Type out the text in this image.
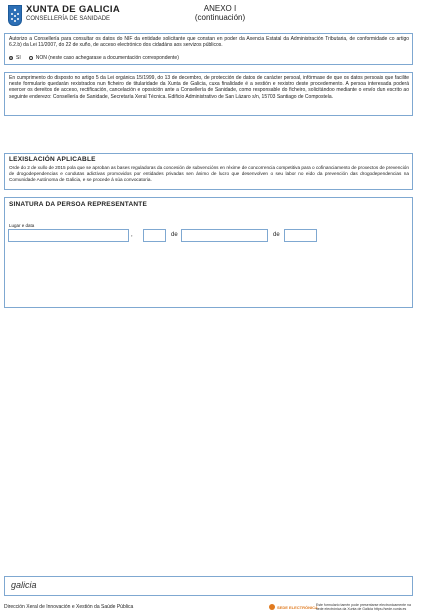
XUNTA DE GALICIA
CONSELLERÍA DE SANIDADE
ANEXO I
(continuación)
Autorizo a Consellería para consultar os datos do NIF da entidade solicitante que constan en poder da Axencia Estatal da Administración Tributaria, de conformidade co artigo 6.2.b) da Lei 11/2007, do 22 de xuño, de acceso electrónico dos cidadáns aos servizos públicos.
SI	NON (neste caso achegarase a documentación correspondente)
En cumprimento do disposto no artigo 5 da Lei orgánica 15/1999, do 13 de decembro, de protección de datos de carácter persoal, infórmase de que os datos persoais que facilite neste formulario quedarán rexistrados nun ficheiro de titularidade da Xunta de Galicia, cuxa finalidade é a xestión e rexistro deste procedemento. A persoa interesada poderá exercer os dereitos de acceso, rectificación, cancelación e oposición ante a Consellería de Sanidade, como responsable do ficheiro, solicitándoo mediante o envío dun escrito ao seguinte enderezo: Consellería de Sanidade, Secretaría Xeral Técnica. Edificio Administrativo de San Lázaro s/n, 15703 Santiago de Compostela.
LEXISLACIÓN APLICABLE
Orde do 2 de xullo de 2015 pola que se aproban as bases reguladoras da concesión de subvencións en réxime de concorrencia competitiva para o cofinanciamento de proxectos de prevención de drogodependencias e condutas adictivas promovidos por entidades privadas sen ánimo de lucro que desenvolven o seu labor no eido da prevención das drogodependencias na Comunidade Autónoma de Galicia, e se procede á súa convocatoria.
SINATURA DA PERSOA REPRESENTANTE
Lugar e data
,	de	de
galicia
Dirección Xeral de Innovación e Xestión da Saúde Pública	SEDE ELECTRÓNICA
Este formulario tamén pode presentarse electronicamente na sede electrónica da Xunta de Galicia https://sede.xunta.es
